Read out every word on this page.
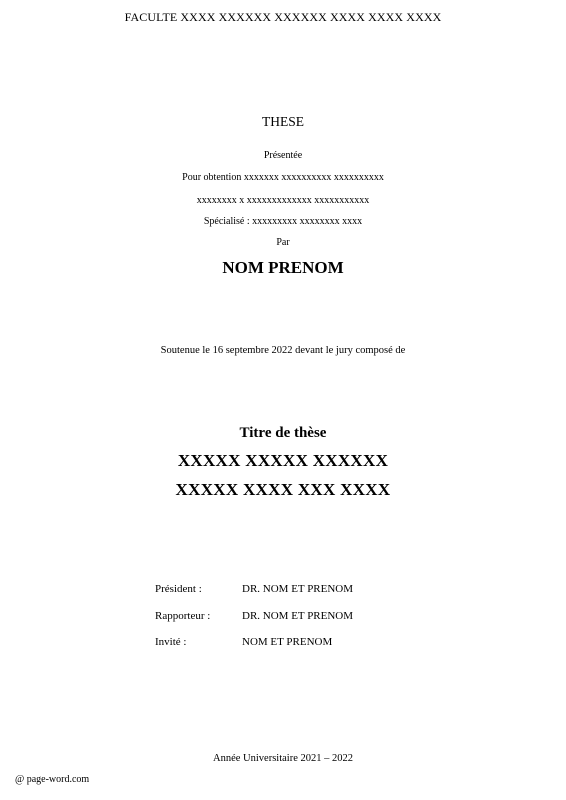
FACULTE XXXX XXXXXX XXXXXX XXXX XXXX XXXX
THESE
Présentée
Pour obtention xxxxxxx xxxxxxxxxx xxxxxxxxxx
xxxxxxxx x xxxxxxxxxxxxx xxxxxxxxxxx
Spécialisé : xxxxxxxxx xxxxxxxx xxxx
Par
NOM PRENOM
Soutenue le 16 septembre 2022 devant le jury composé de
Titre de thèse
XXXXX XXXXX XXXXXX
XXXXX XXXX XXX XXXX
Président :	DR. NOM ET PRENOM
Rapporteur :	DR. NOM ET PRENOM
Invité :	NOM ET PRENOM
Année Universitaire 2021 – 2022
@ page-word.com
